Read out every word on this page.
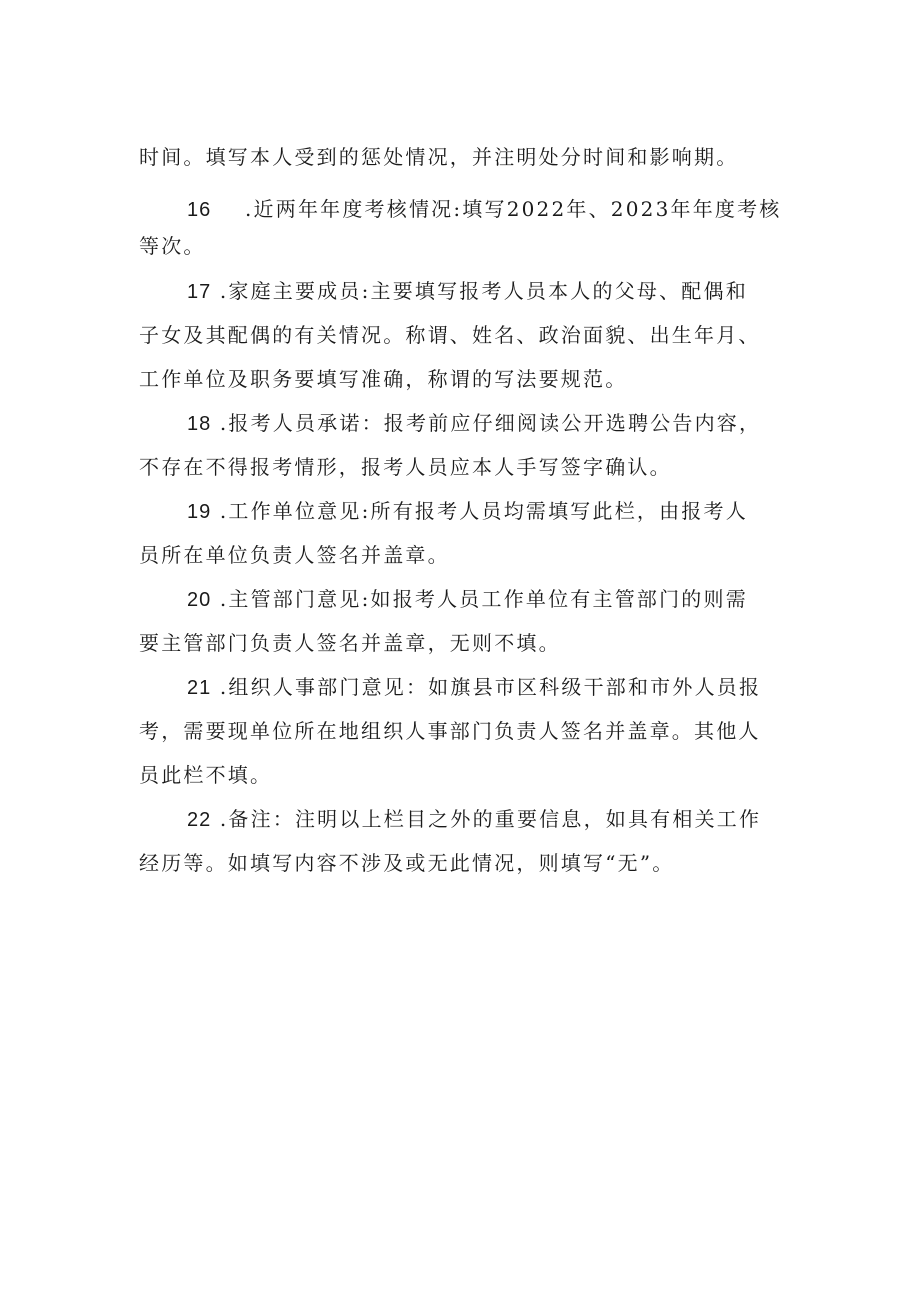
时间。填写本人受到的惩处情况，并注明处分时间和影响期。
16 .近两年年度考核情况:填写2022年、2023年年度考核
等次。
17 .家庭主要成员:主要填写报考人员本人的父母、配偶和
子女及其配偶的有关情况。称谓、姓名、政治面貌、出生年月、
工作单位及职务要填写准确，称谓的写法要规范。
18 .报考人员承诺：报考前应仔细阅读公开选聘公告内容，
不存在不得报考情形，报考人员应本人手写签字确认。
19 .工作单位意见:所有报考人员均需填写此栏，由报考人
员所在单位负责人签名并盖章。
20 .主管部门意见:如报考人员工作单位有主管部门的则需
要主管部门负责人签名并盖章，无则不填。
21 .组织人事部门意见：如旗县市区科级干部和市外人员报
考，需要现单位所在地组织人事部门负责人签名并盖章。其他人
员此栏不填。
22 .备注：注明以上栏目之外的重要信息，如具有相关工作
经历等。如填写内容不涉及或无此情况，则填写“无”。
